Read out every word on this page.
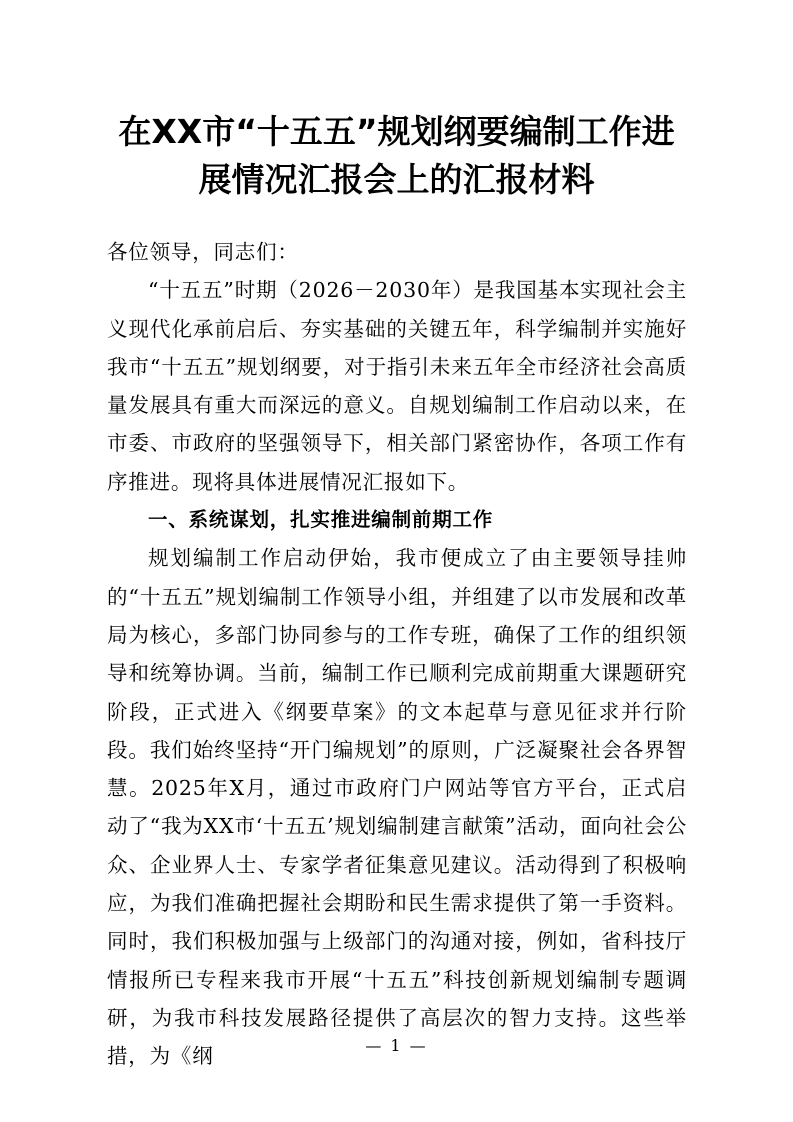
在XX市“十五五”规划纲要编制工作进
展情况汇报会上的汇报材料

各位领导，同志们：

“十五五”时期（2026－2030年）是我国基本实现社会主义现代化承前启后、夯实基础的关键五年，科学编制并实施好我市“十五五”规划纲要，对于指引未来五年全市经济社会高质量发展具有重大而深远的意义。自规划编制工作启动以来，在市委、市政府的坚强领导下，相关部门紧密协作，各项工作有序推进。现将具体进展情况汇报如下。

一、系统谋划，扎实推进编制前期工作

规划编制工作启动伊始，我市便成立了由主要领导挂帅的“十五五”规划编制工作领导小组，并组建了以市发展和改革局为核心，多部门协同参与的工作专班，确保了工作的组织领导和统筹协调。当前，编制工作已顺利完成前期重大课题研究阶段，正式进入《纲要草案》的文本起草与意见征求并行阶段。我们始终坚持“开门编规划”的原则，广泛凝聚社会各界智慧。2025年X月，通过市政府门户网站等官方平台，正式启动了“我为XX市‘十五五’规划编制建言献策”活动，面向社会公众、企业界人士、专家学者征集意见建议。活动得到了积极响应，为我们准确把握社会期盼和民生需求提供了第一手资料。同时，我们积极加强与上级部门的沟通对接，例如，省科技厅情报所已专程来我市开展“十五五”科技创新规划编制专题调研，为我市科技发展路径提供了高层次的智力支持。这些举措，为《纲	— 1 —
